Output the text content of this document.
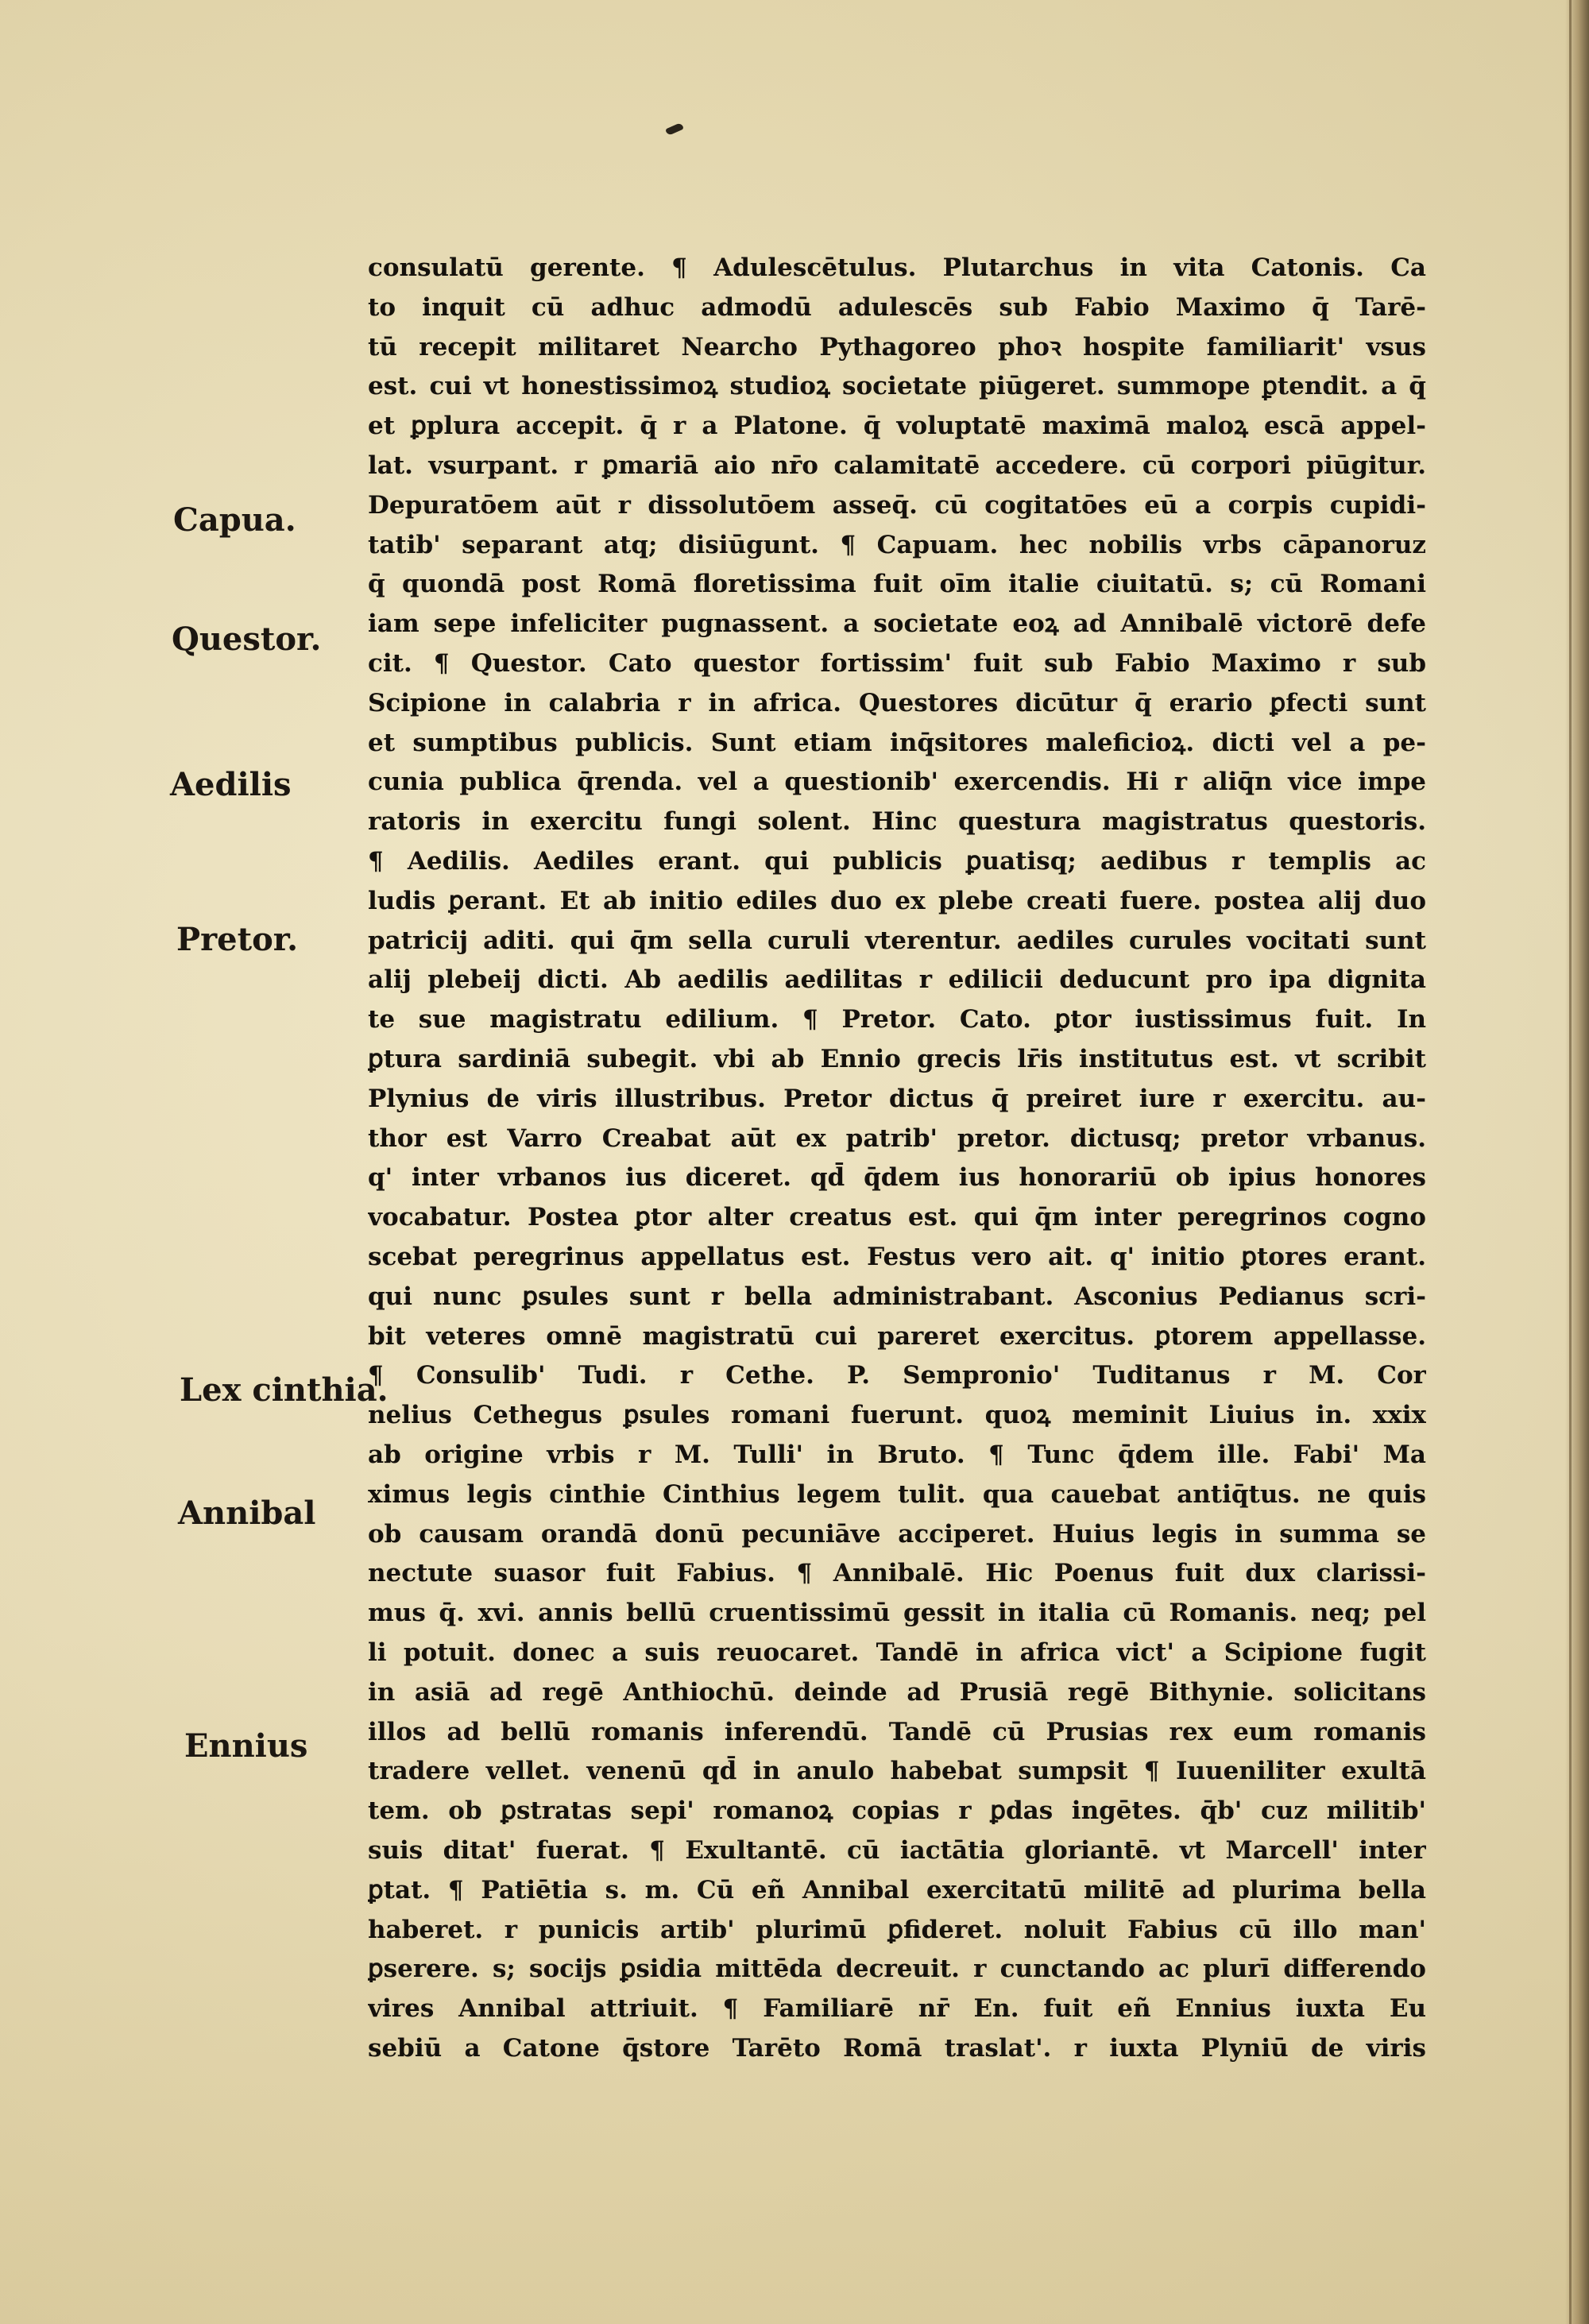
Capua.
Questor.
Aedilis
Pretor.
Lex cinthia.
Annibal
Ennius
consulatū gerente. ¶ Adulescētulus. Plutarchus in vita Catonis. Ca
to inquit cū adhuc admodū adulescēs sub Fabio Maximo q̄ Tarē-
tū recepit militaret Nearcho Pythagoreo phoꝛ hospite familiarit' vsus
est. cui vt honestissimoꝝ studioꝝ societate piūgeret. summope ꝑtendit. a q̄
et ꝑplura accepit. q̄ r a Platone. q̄ voluptatē maximā maloꝝ escā appel-
lat. vsurpant. r ꝑmariā aio nr̄o calamitatē accedere. cū corpori piūgitur.
Depuratōem aūt r dissolutōem asseq̄. cū cogitatōes eū a corpis cupidi-
tatib' separant atq; disiūgunt. ¶ Capuam. hec nobilis vrbs cāpanoruz
q̄ quondā post Romā floretissima fuit oīm italie ciuitatū. s; cū Romani
iam sepe infeliciter pugnassent. a societate eoꝝ ad Annibalē victorē defe
cit. ¶ Questor. Cato questor fortissim' fuit sub Fabio Maximo r sub
Scipione in calabria r in africa. Questores dicūtur q̄ erario ꝑfecti sunt
et sumptibus publicis. Sunt etiam inq̄sitores maleficioꝝ. dicti vel a pe-
cunia publica q̄renda. vel a questionib' exercendis. Hi r aliq̄n vice impe
ratoris in exercitu fungi solent. Hinc questura magistratus questoris.
¶ Aedilis. Aediles erant. qui publicis ꝑuatisq; aedibus r templis ac
ludis ꝑerant. Et ab initio ediles duo ex plebe creati fuere. postea alij duo
patricij aditi. qui q̄m sella curuli vterentur. aediles curules vocitati sunt
alij plebeij dicti. Ab aedilis aedilitas r edilicii deducunt pro ipa dignita
te sue magistratu edilium. ¶ Pretor. Cato. ꝑtor iustissimus fuit. In
ꝑtura sardiniā subegit. vbi ab Ennio grecis lr̄is institutus est. vt scribit
Plynius de viris illustribus. Pretor dictus q̄ preiret iure r exercitu. au-
thor est Varro Creabat aūt ex patrib' pretor. dictusq; pretor vrbanus.
q' inter vrbanos ius diceret. qd̄ q̄dem ius honorariū ob ipius honores
vocabatur. Postea ꝑtor alter creatus est. qui q̄m inter peregrinos cogno
scebat peregrinus appellatus est. Festus vero ait. q' initio ꝑtores erant.
qui nunc ꝑsules sunt r bella administrabant. Asconius Pedianus scri-
bit veteres omnē magistratū cui pareret exercitus. ꝑtorem appellasse.
¶ Consulib' Tudi. r Cethe. P. Sempronio' Tuditanus r M. Cor
nelius Cethegus ꝑsules romani fuerunt. quoꝝ meminit Liuius in. xxix
ab origine vrbis r M. Tulli' in Bruto. ¶ Tunc q̄dem ille. Fabi' Ma
ximus legis cinthie Cinthius legem tulit. qua cauebat antiq̄tus. ne quis
ob causam orandā donū pecuniāve acciperet. Huius legis in summa se
nectute suasor fuit Fabius. ¶ Annibalē. Hic Poenus fuit dux clarissi-
mus q̄. xvi. annis bellū cruentissimū gessit in italia cū Romanis. neq; pel
li potuit. donec a suis reuocaret. Tandē in africa vict' a Scipione fugit
in asiā ad regē Anthiochū. deinde ad Prusiā regē Bithynie. solicitans
illos ad bellū romanis inferendū. Tandē cū Prusias rex eum romanis
tradere vellet. venenū qd̄ in anulo habebat sumpsit ¶ Iuueniliter exultā
tem. ob ꝑstratas sepi' romanoꝝ copias r ꝑdas ingētes. q̄b' cuz militib'
suis ditat' fuerat. ¶ Exultantē. cū iactātia gloriantē. vt Marcell' inter
ꝑtat. ¶ Patiētia s. m. Cū eñ Annibal exercitatū militē ad plurima bella
haberet. r punicis artib' plurimū ꝑfideret. noluit Fabius cū illo man'
ꝑserere. s; socijs ꝑsidia mittēda decreuit. r cunctando ac plurī differendo
vires Annibal attriuit. ¶ Familiarē nr̄ En. fuit eñ Ennius iuxta Eu
sebiū a Catone q̄store Tarēto Romā traslat'. r iuxta Plyniū de viris
